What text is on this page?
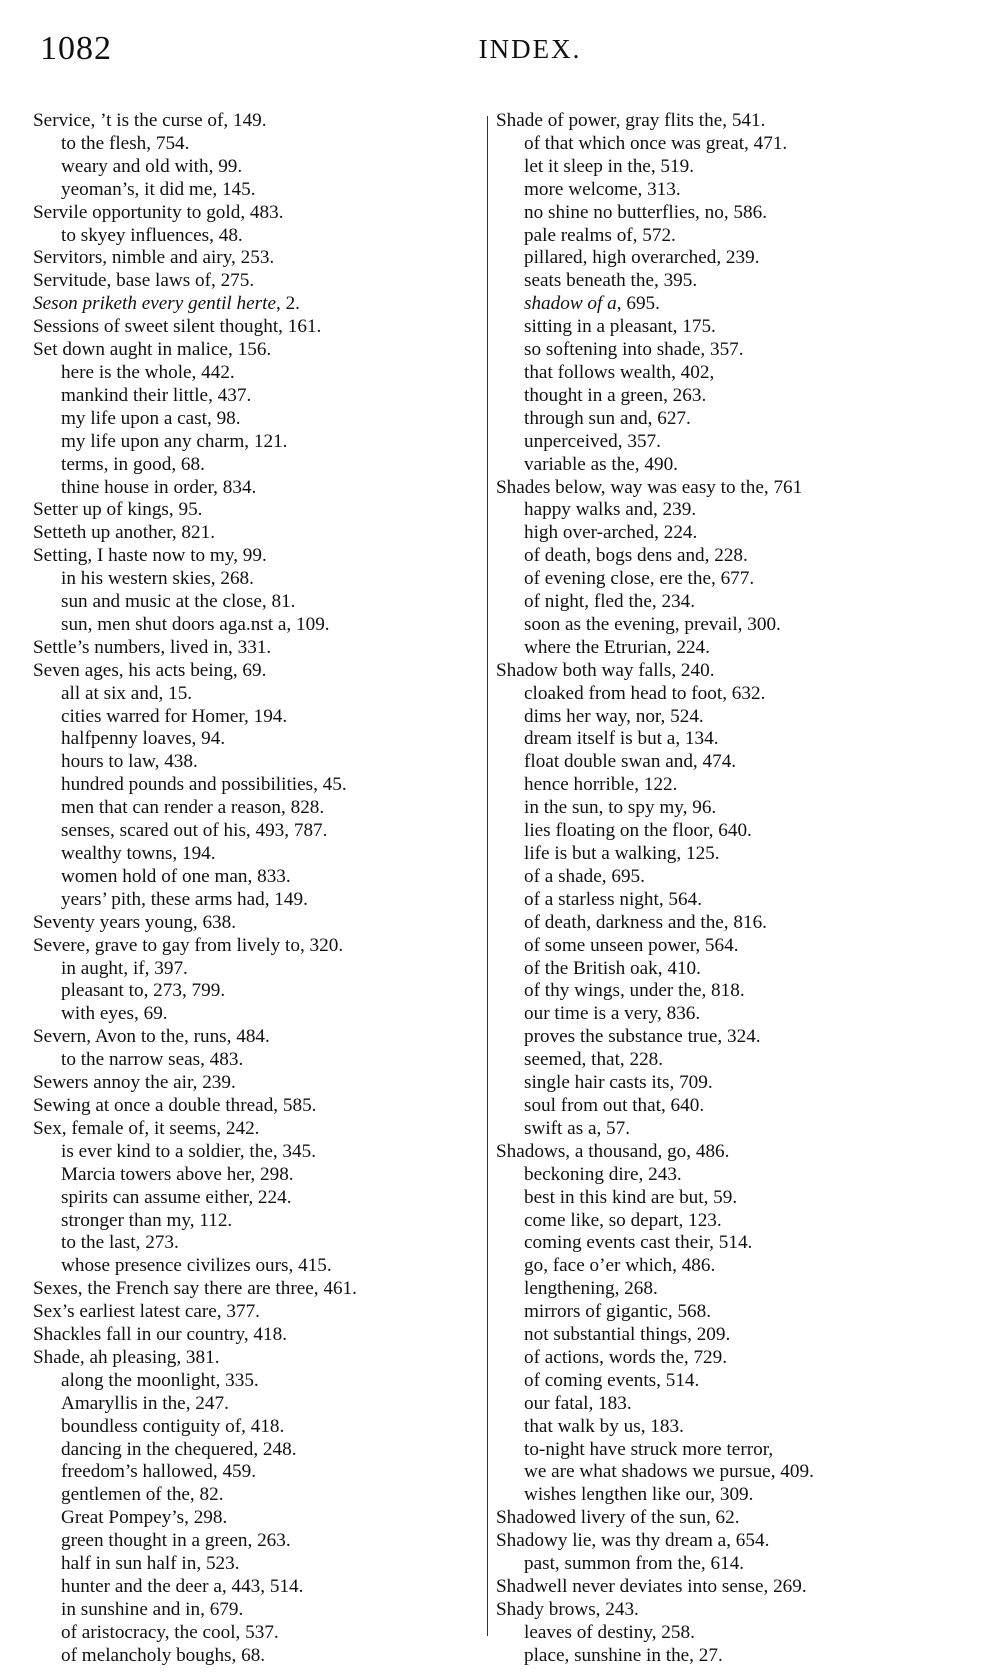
1082	INDEX.
Service, ’t is the curse of, 149.
to the flesh, 754.
weary and old with, 99.
yeoman’s, it did me, 145.
Servile opportunity to gold, 483.
to skyey influences, 48.
Servitors, nimble and airy, 253.
Servitude, base laws of, 275.
Seson priketh every gentil herte, 2.
Sessions of sweet silent thought, 161.
Set down aught in malice, 156.
here is the whole, 442.
mankind their little, 437.
my life upon a cast, 98.
my life upon any charm, 121.
terms, in good, 68.
thine house in order, 834.
Setter up of kings, 95.
Setteth up another, 821.
Setting, I haste now to my, 99.
in his western skies, 268.
sun and music at the close, 81.
sun, men shut doors aga.nst a, 109.
Settle’s numbers, lived in, 331.
Seven ages, his acts being, 69.
all at six and, 15.
cities warred for Homer, 194.
halfpenny loaves, 94.
hours to law, 438.
hundred pounds and possibilities, 45.
men that can render a reason, 828.
senses, scared out of his, 493, 787.
wealthy towns, 194.
women hold of one man, 833.
years’ pith, these arms had, 149.
Seventy years young, 638.
Severe, grave to gay from lively to, 320.
in aught, if, 397.
pleasant to, 273, 799.
with eyes, 69.
Severn, Avon to the, runs, 484.
to the narrow seas, 483.
Sewers annoy the air, 239.
Sewing at once a double thread, 585.
Sex, female of, it seems, 242.
is ever kind to a soldier, the, 345.
Marcia towers above her, 298.
spirits can assume either, 224.
stronger than my, 112.
to the last, 273.
whose presence civilizes ours, 415.
Sexes, the French say there are three, 461.
Sex’s earliest latest care, 377.
Shackles fall in our country, 418.
Shade, ah pleasing, 381.
along the moonlight, 335.
Amaryllis in the, 247.
boundless contiguity of, 418.
dancing in the chequered, 248.
freedom’s hallowed, 459.
gentlemen of the, 82.
Great Pompey’s, 298.
green thought in a green, 263.
half in sun half in, 523.
hunter and the deer a, 443, 514.
in sunshine and in, 679.
of aristocracy, the cool, 537.
of melancholy boughs, 68.
Shade of power, gray flits the, 541.
of that which once was great, 471.
let it sleep in the, 519.
more welcome, 313.
no shine no butterflies, no, 586.
pale realms of, 572.
pillared, high overarched, 239.
seats beneath the, 395.
shadow of a, 695.
sitting in a pleasant, 175.
so softening into shade, 357.
that follows wealth, 402,
thought in a green, 263.
through sun and, 627.
unperceived, 357.
variable as the, 490.
Shades below, way was easy to the, 761
happy walks and, 239.
high over-arched, 224.
of death, bogs dens and, 228.
of evening close, ere the, 677.
of night, fled the, 234.
soon as the evening, prevail, 300.
where the Etrurian, 224.
Shadow both way falls, 240.
cloaked from head to foot, 632.
dims her way, nor, 524.
dream itself is but a, 134.
float double swan and, 474.
hence horrible, 122.
in the sun, to spy my, 96.
lies floating on the floor, 640.
life is but a walking, 125.
of a shade, 695.
of a starless night, 564.
of death, darkness and the, 816.
of some unseen power, 564.
of the British oak, 410.
of thy wings, under the, 818.
our time is a very, 836.
proves the substance true, 324.
seemed, that, 228.
single hair casts its, 709.
soul from out that, 640.
swift as a, 57.
Shadows, a thousand, go, 486.
beckoning dire, 243.
best in this kind are but, 59.
come like, so depart, 123.
coming events cast their, 514.
go, face o’er which, 486.
lengthening, 268.
mirrors of gigantic, 568.
not substantial things, 209.
of actions, words the, 729.
of coming events, 514.
our fatal, 183.
that walk by us, 183.
to-night have struck more terror,
we are what shadows we pursue, 409.
wishes lengthen like our, 309.
Shadowed livery of the sun, 62.
Shadowy lie, was thy dream a, 654.
past, summon from the, 614.
Shadwell never deviates into sense, 269.
Shady brows, 243.
leaves of destiny, 258.
place, sunshine in the, 27.
